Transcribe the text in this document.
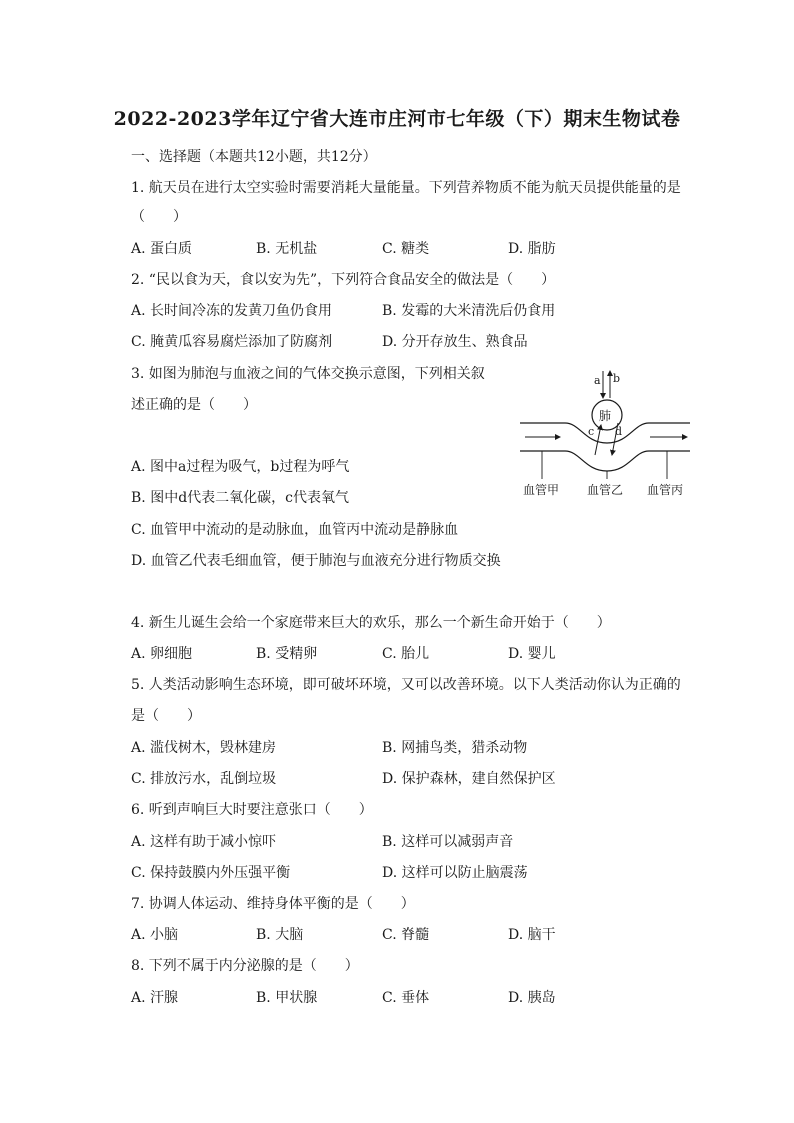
2022-2023学年辽宁省大连市庄河市七年级（下）期末生物试卷
一、选择题（本题共12小题，共12分）
1. 航天员在进行太空实验时需要消耗大量能量。下列营养物质不能为航天员提供能量的是
（　　）
A. 蛋白质	B. 无机盐	C. 糖类	D. 脂肪
2. “民以食为天，食以安为先”，下列符合食品安全的做法是（　　）
A. 长时间冷冻的发黄刀鱼仍食用	B. 发霉的大米清洗后仍食用
C. 腌黄瓜容易腐烂添加了防腐剂	D. 分开存放生、熟食品
3. 如图为肺泡与血液之间的气体交换示意图，下列相关叙
述正确的是（　　）
A. 图中a过程为吸气，b过程为呼气
B. 图中d代表二氧化碳，c代表氧气
C. 血管甲中流动的是动脉血，血管丙中流动是静脉血
D. 血管乙代表毛细血管，便于肺泡与血液充分进行物质交换
a b
肺
c d
血管甲 血管乙 血管丙
4. 新生儿诞生会给一个家庭带来巨大的欢乐，那么一个新生命开始于（　　）
A. 卵细胞	B. 受精卵	C. 胎儿	D. 婴儿
5. 人类活动影响生态环境，即可破坏环境，又可以改善环境。以下人类活动你认为正确的
是（　　）
A. 滥伐树木，毁林建房	B. 网捕鸟类，猎杀动物
C. 排放污水，乱倒垃圾	D. 保护森林，建自然保护区
6. 听到声响巨大时要注意张口（　　）
A. 这样有助于减小惊吓	B. 这样可以减弱声音
C. 保持鼓膜内外压强平衡	D. 这样可以防止脑震荡
7. 协调人体运动、维持身体平衡的是（　　）
A. 小脑	B. 大脑	C. 脊髓	D. 脑干
8. 下列不属于内分泌腺的是（　　）
A. 汗腺	B. 甲状腺	C. 垂体	D. 胰岛
